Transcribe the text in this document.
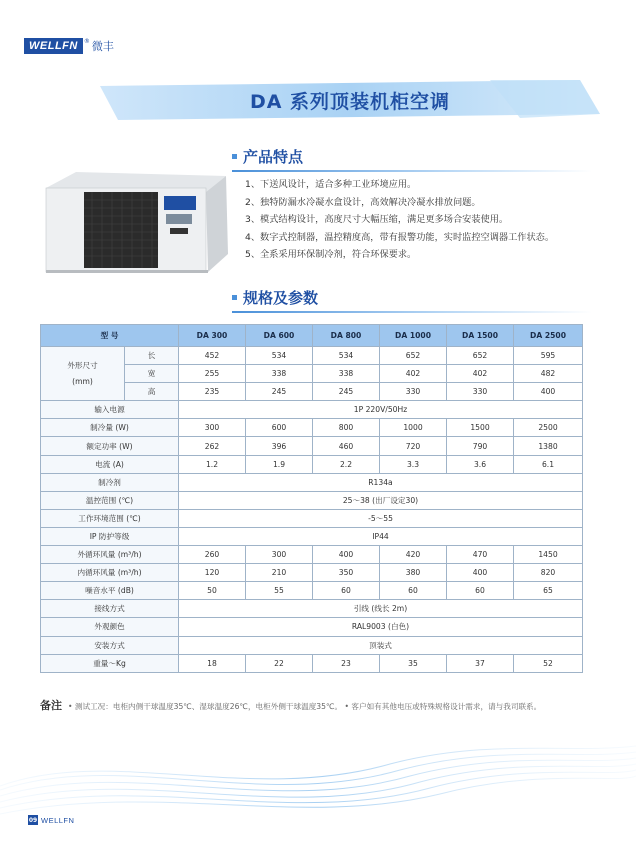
WELLFN	® 微丰
DA 系列顶装机柜空调
产品特点
1、下送风设计，适合多种工业环境应用。
2、独特防漏水冷凝水盒设计，高效解决冷凝水排放问题。
3、模式结构设计，高度尺寸大幅压缩，满足更多场合安装使用。
4、数字式控制器，温控精度高，带有报警功能，实时监控空调器工作状态。
5、全系采用环保制冷剂，符合环保要求。
规格及参数
型 号		DA 300	DA 600	DA 800	DA 1000	DA 1500	DA 2500

外形尺寸
(mm)	长	452	534	534	652	652	595
	宽	255	338	338	402	402	482
	高	235	245	245	330	330	400
输入电源		1P 220V/50Hz					
制冷量 (W)		300	600	800	1000	1500	2500
额定功率 (W)		262	396	460	720	790	1380
电流 (A)		1.2	1.9	2.2	3.3	3.6	6.1
制冷剂		R134a					
温控范围 (℃)		25～38 (出厂设定30)					
工作环境范围 (℃)		-5～55					
IP 防护等级		IP44					
外循环风量 (m³/h)		260	300	400	420	470	1450
内循环风量 (m³/h)		120	210	350	380	400	820
噪音水平 (dB)		50	55	60	60	60	65
接线方式		引线 (线长 2m)					
外观颜色		RAL9003 (白色)					
安装方式		顶装式					
重量～Kg		18	22	23	35	37	52
备注 • 测试工况：电柜内侧干球温度35℃、湿球温度26℃，电柜外侧干球温度35℃。 • 客户如有其他电压或特殊规格设计需求，请与我司联系。
09 WELLFN
